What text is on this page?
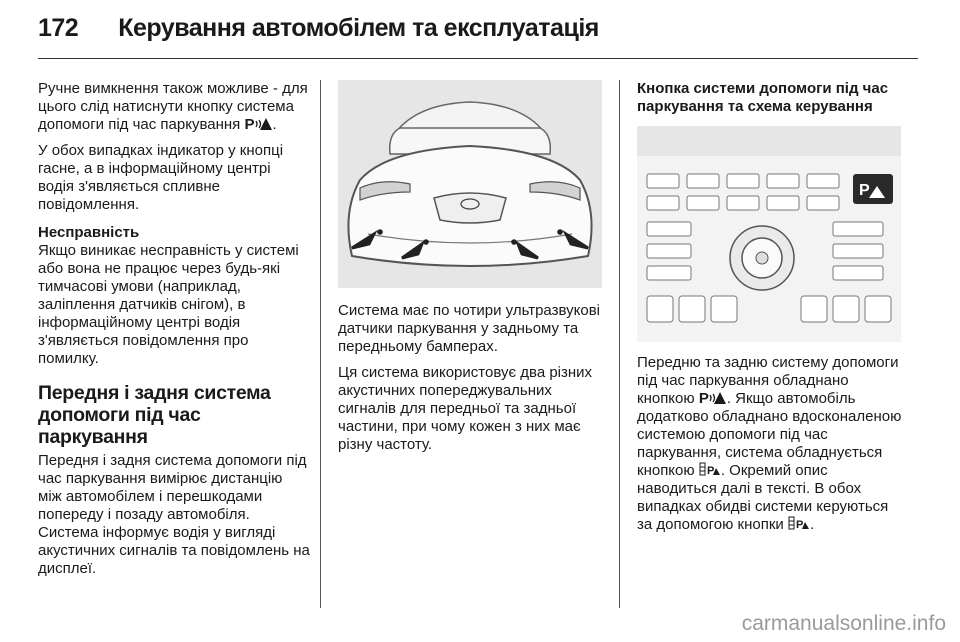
172 Керування автомобілем та експлуатація

Ручне вимкнення також можливе - для цього слід натиснути кнопку система допомоги під час паркування P .

У обох випадках індикатор у кнопці гасне, а в інформаційному центрі водія з'являється спливне повідомлення.

Несправність

Якщо виникає несправність у системі або вона не працює через будь-які тимчасові умови (наприклад, заліплення датчиків снігом), в інформаційному центрі водія з'являється повідомлення про помилку.

Передня і задня система допомоги під час паркування

Передня і задня система допомоги під час паркування вимірює дистанцію між автомобілем і перешкодами попереду і позаду автомобіля. Система інформує водія у вигляді акустичних сигналів та повідомлень на дисплеї.

Система має по чотири ультразвукові датчики паркування у задньому та передньому бамперах.

Ця система використовує два різних акустичних попереджувальних сигналів для передньої та задньої частини, при чому кожен з них має різну частоту.

Кнопка системи допомоги під час паркування та схема керування
P

Передню та задню систему допомоги під час паркування обладнано кнопкою P . Якщо автомобіль додатково обладнано вдосконаленою системою допомоги під час паркування, система обладнується кнопкою P . Окремий опис наводиться далі в тексті. В обох випадках обидві системи керуються за допомогою кнопки P .

carmanualsonline.info
